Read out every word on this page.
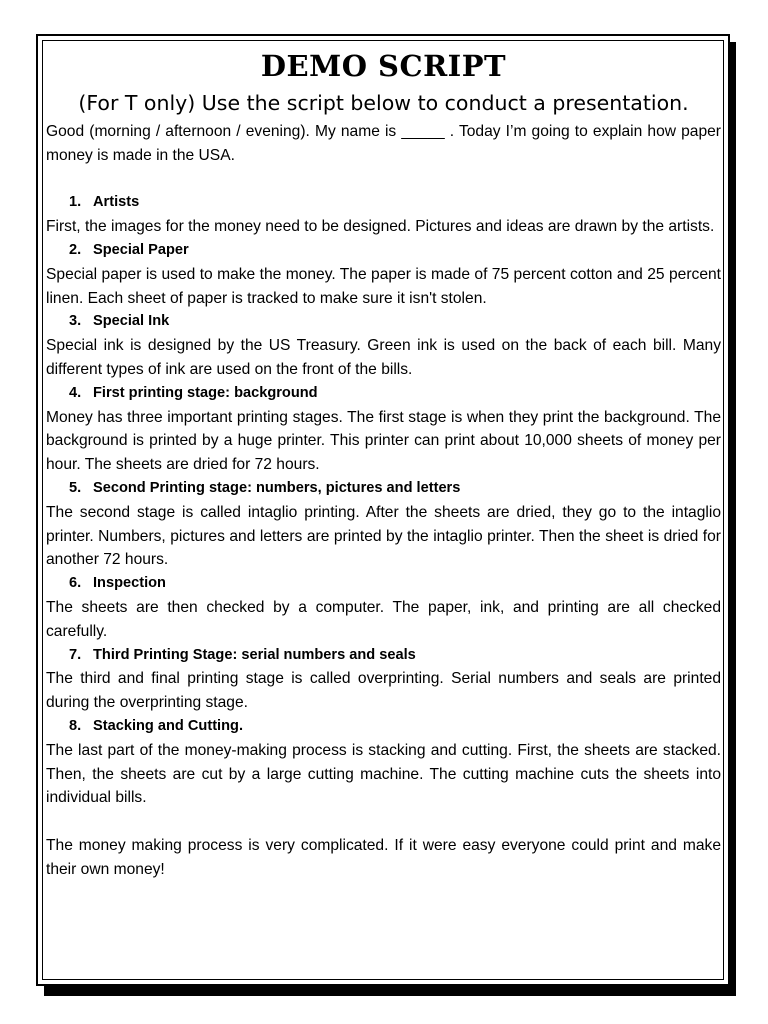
DEMO SCRIPT
(For T only) Use the script below to conduct a presentation.

Good (morning / afternoon / evening). My name is _____ . Today I’m going to explain how paper money is made in the USA.

1. Artists

First, the images for the money need to be designed. Pictures and ideas are drawn by the artists.

2. Special Paper

Special paper is used to make the money. The paper is made of 75 percent cotton and 25 percent linen. Each sheet of paper is tracked to make sure it isn't stolen.

3. Special Ink

Special ink is designed by the US Treasury. Green ink is used on the back of each bill. Many different types of ink are used on the front of the bills.

4. First printing stage: background

Money has three important printing stages. The first stage is when they print the background. The background is printed by a huge printer. This printer can print about 10,000 sheets of money per hour. The sheets are dried for 72 hours.

5. Second Printing stage: numbers, pictures and letters

The second stage is called intaglio printing. After the sheets are dried, they go to the intaglio printer. Numbers, pictures and letters are printed by the intaglio printer. Then the sheet is dried for another 72 hours.

6. Inspection

The sheets are then checked by a computer. The paper, ink, and printing are all checked carefully.

7. Third Printing Stage: serial numbers and seals

The third and final printing stage is called overprinting. Serial numbers and seals are printed during the overprinting stage.

8. Stacking and Cutting.

The last part of the money-making process is stacking and cutting. First, the sheets are stacked. Then, the sheets are cut by a large cutting machine. The cutting machine cuts the sheets into individual bills.

The money making process is very complicated. If it were easy everyone could print and make their own money!
